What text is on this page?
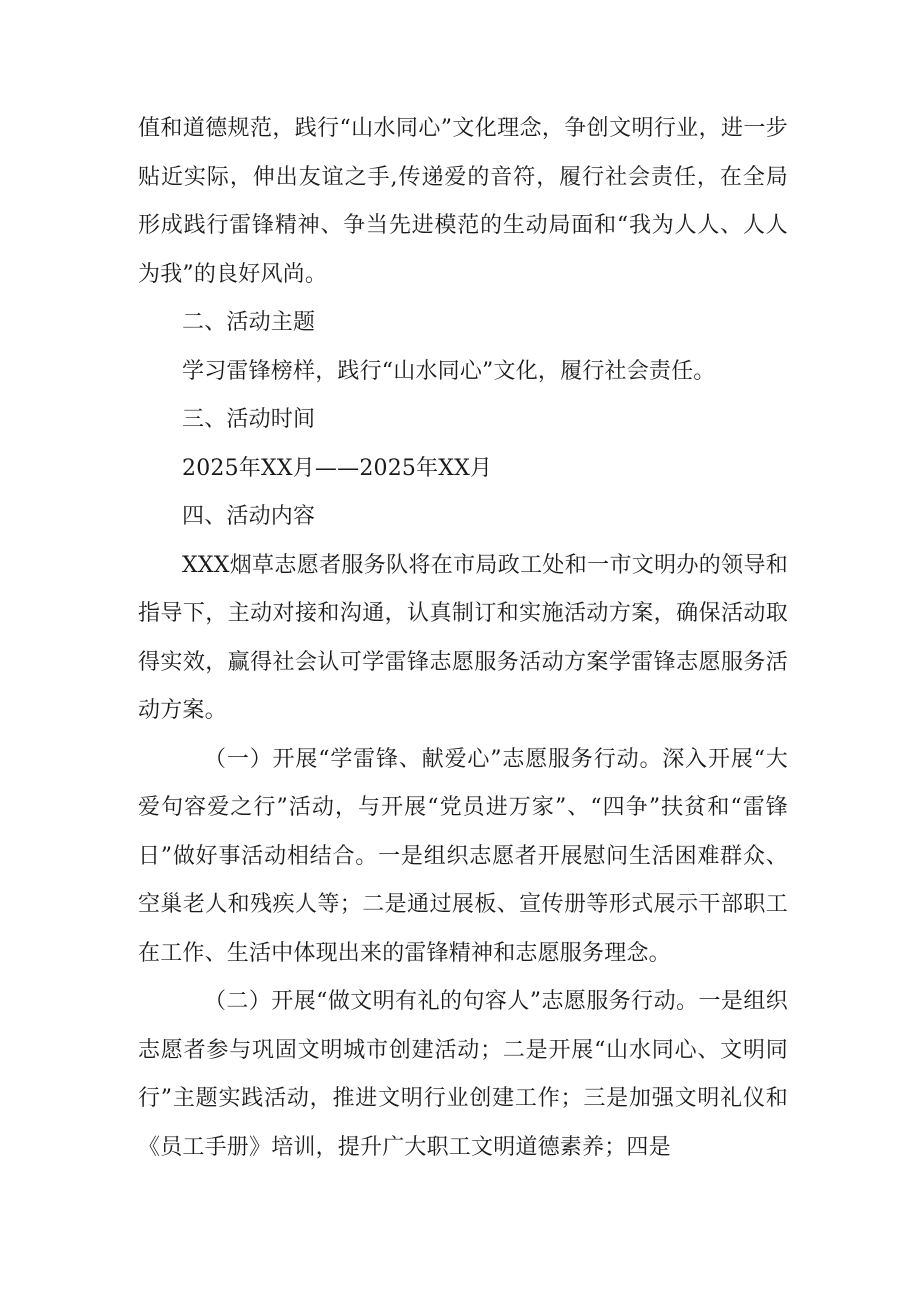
值和道德规范，践行“山水同心”文化理念，争创文明行业，进一步贴近实际，伸出友谊之手,传递爱的音符，履行社会责任，在全局形成践行雷锋精神、争当先进模范的生动局面和“我为人人、人人为我”的良好风尚。

二、活动主题

学习雷锋榜样，践行“山水同心”文化，履行社会责任。

三、活动时间

2025年XX月——2025年XX月

四、活动内容

XXX烟草志愿者服务队将在市局政工处和一市文明办的领导和指导下，主动对接和沟通，认真制订和实施活动方案，确保活动取得实效，赢得社会认可学雷锋志愿服务活动方案学雷锋志愿服务活动方案。

（一）开展“学雷锋、献爱心”志愿服务行动。深入开展“大爱句容爱之行”活动，与开展“党员进万家”、“四争”扶贫和“雷锋日”做好事活动相结合。一是组织志愿者开展慰问生活困难群众、空巢老人和残疾人等；二是通过展板、宣传册等形式展示干部职工在工作、生活中体现出来的雷锋精神和志愿服务理念。

（二）开展“做文明有礼的句容人”志愿服务行动。一是组织志愿者参与巩固文明城市创建活动；二是开展“山水同心、文明同行”主题实践活动，推进文明行业创建工作；三是加强文明礼仪和《员工手册》培训，提升广大职工文明道德素养；四是
